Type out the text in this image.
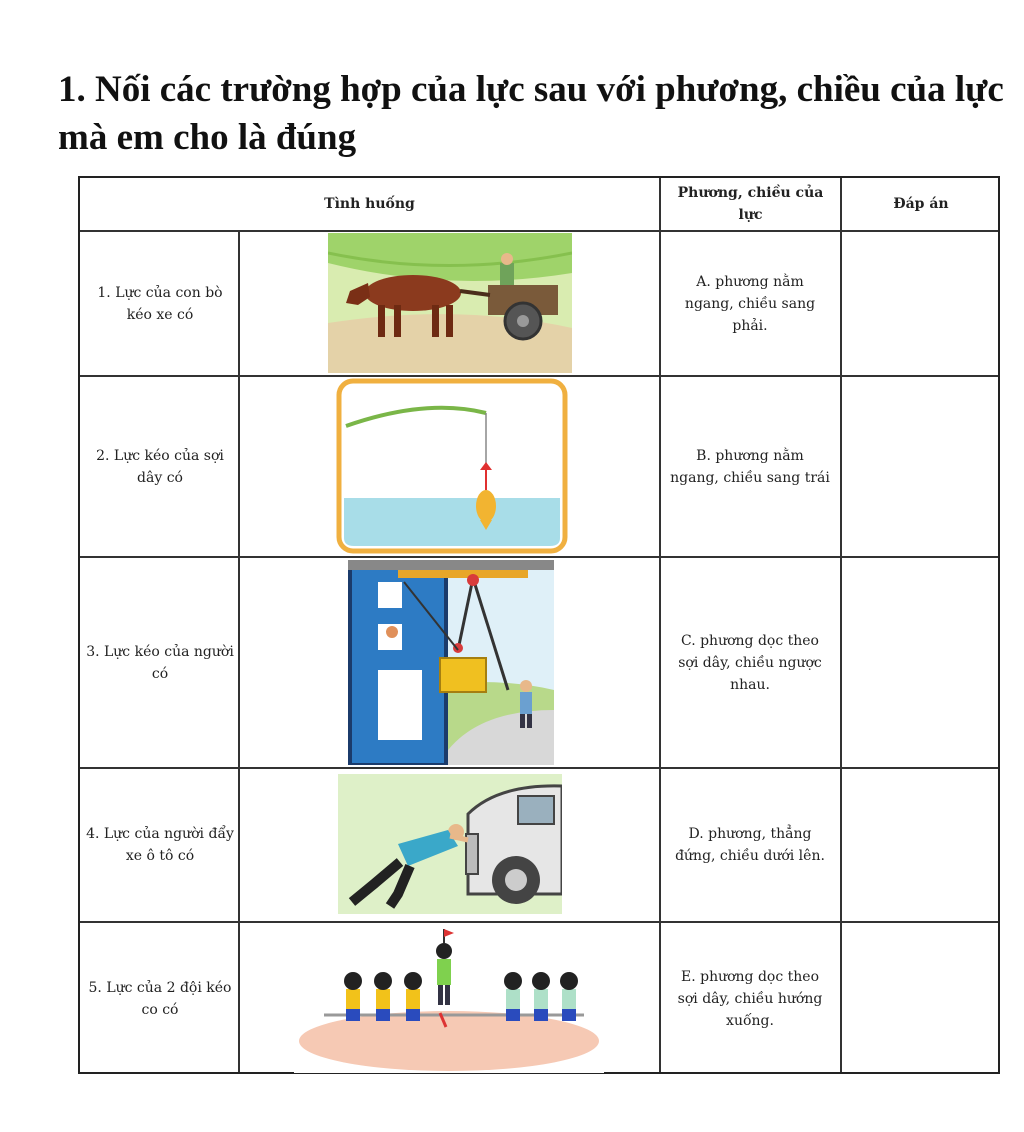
1. Nối các trường hợp của lực sau với phương, chiều của lực mà em cho là đúng
Tình huống
Phương, chiều của lực
Đáp án
1. Lực của con bò kéo xe có
A. phương nằm ngang, chiều sang phải.
2. Lực kéo của sợi dây có
B. phương nằm ngang, chiều sang trái
3. Lực kéo của người có
C. phương dọc theo sợi dây, chiều ngược nhau.
4. Lực của người đẩy xe ô tô có
D. phương, thẳng đứng, chiều dưới lên.
5. Lực của 2 đội kéo co có
E. phương dọc theo sợi dây, chiều hướng xuống.
